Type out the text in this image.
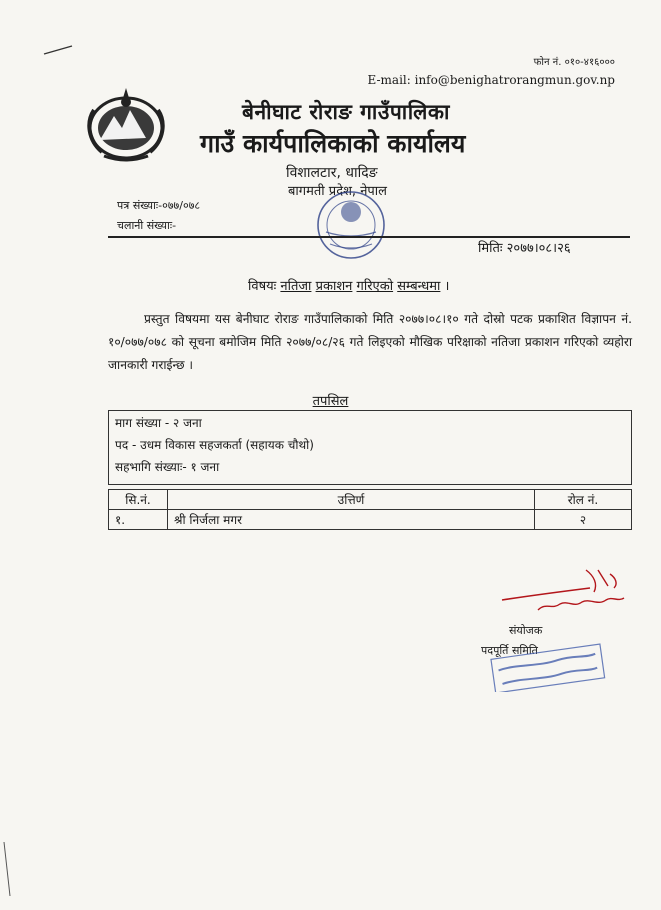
फोन नं. ०१०-४१६०००
E-mail: info@benighatrorangmun.gov.np
बेनीघाट रोराङ गाउँपालिका
गाउँ कार्यपालिकाको कार्यालय
विशालटार, धादिङ
बागमती प्रदेश, नेपाल
पत्र संख्याः-०७७/०७८
चलानी संख्याः-
मितिः २०७७।०८।२६
विषयः नतिजा प्रकाशन गरिएको सम्बन्धमा ।
प्रस्तुत विषयमा यस बेनीघाट रोराङ गाउँपालिकाको मिति २०७७।०८।१० गते दोस्रो पटक प्रकाशित विज्ञापन नं. १०/०७७/०७८ को सूचना बमोजिम मिति २०७७/०८/२६ गते लिइएको मौखिक परिक्षाको नतिजा प्रकाशन गरिएको व्यहोरा जानकारी गराईन्छ ।
तपसिल
माग संख्या - २ जना
पद - उधम विकास सहजकर्ता (सहायक चौथो)
सहभागि संख्याः- १ जना
सि.नं.	उत्तिर्ण	रोल नं.
१.	श्री निर्जला मगर	२
संयोजक
पदपूर्ति समिति
